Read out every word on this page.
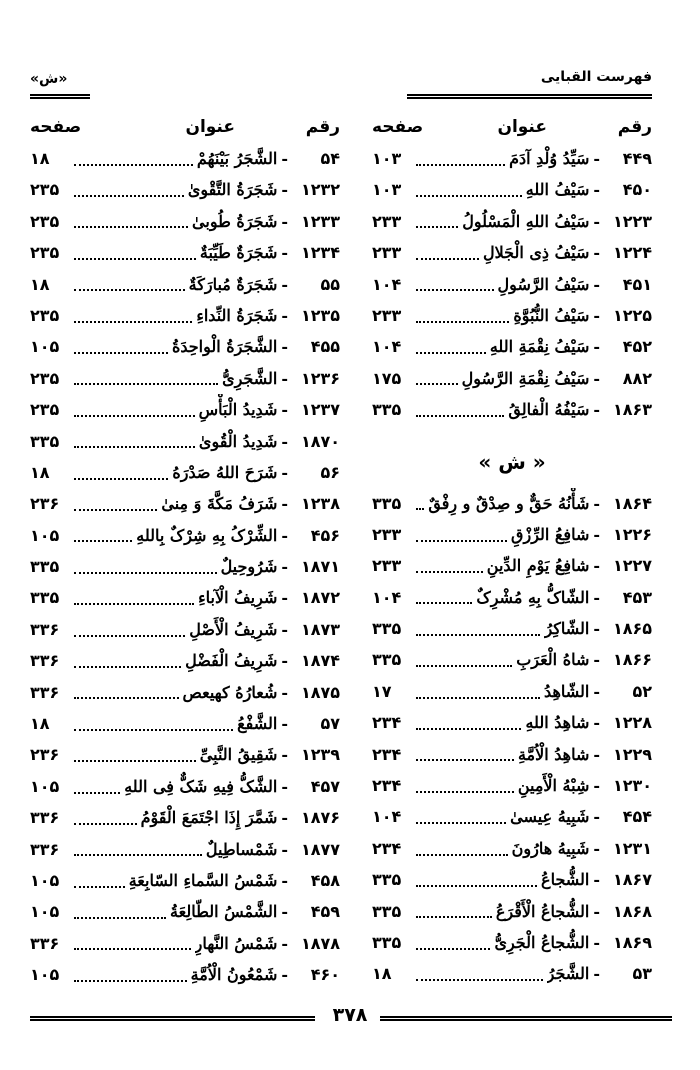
فهرست القبایی
«ش»
رقم
عنوان
صفحه
۴۴۹
-
سَیِّدُ وُلْدِ آدَمَ
۱۰۳
۴۵۰
-
سَیْفُ اللهِ
۱۰۳
۱۲۲۳
-
سَیْفُ اللهِ الْمَسْلُولُ
۲۳۳
۱۲۲۴
-
سَیْفُ ذِی الْجَلالِ
۲۳۳
۴۵۱
-
سَیْفُ الرَّسُولِ
۱۰۴
۱۲۲۵
-
سَیْفُ النُّبُوَّةِ
۲۳۳
۴۵۲
-
سَیْفُ نِقْمَةِ اللهِ
۱۰۴
۸۸۲
-
سَیْفُ نِقْمَةِ الرَّسُولِ
۱۷۵
۱۸۶۳
-
سَیْفُهُ الْفالِقُ
۳۳۵
« ش »
۱۸۶۴
-
شَأْنُهُ حَقٌّ و صِدْقٌ و رِفْقٌ
۳۳۵
۱۲۲۶
-
شافِعُ الرِّزْقِ
۲۳۳
۱۲۲۷
-
شافِعُ یَوْمِ الدِّینِ
۲۳۳
۴۵۳
-
الشّاکُّ بِهِ مُشْرِکٌ
۱۰۴
۱۸۶۵
-
الشّاکِرُ
۳۳۵
۱۸۶۶
-
شاهُ الْعَرَبِ
۳۳۵
۵۲
-
الشّاهِدُ
۱۷
۱۲۲۸
-
شاهِدُ اللهِ
۲۳۴
۱۲۲۹
-
شاهِدُ الْاُمَّةِ
۲۳۴
۱۲۳۰
-
شِبْهُ الْأَمِینِ
۲۳۴
۴۵۴
-
شَبِیهُ عِیسیٰ
۱۰۴
۱۲۳۱
-
شَبِیهُ هارُونَ
۲۳۴
۱۸۶۷
-
الشُّجاعُ
۳۳۵
۱۸۶۸
-
الشُّجاعُ الْأَقْرَعُ
۳۳۵
۱۸۶۹
-
الشُّجاعُ الْجَرِیُّ
۳۳۵
۵۳
-
الشَّجَرُ
۱۸
رقم
عنوان
صفحه
۵۴
-
الشَّجَرُ بَیْنَهُمْ
۱۸
۱۲۳۲
-
شَجَرَةُ التَّقْویٰ
۲۳۵
۱۲۳۳
-
شَجَرَةُ طُوبیٰ
۲۳۵
۱۲۳۴
-
شَجَرَةٌ طَیِّبَةٌ
۲۳۵
۵۵
-
شَجَرَةٌ مُبارَکَةٌ
۱۸
۱۲۳۵
-
شَجَرَةُ النِّداءِ
۲۳۵
۴۵۵
-
الشَّجَرَةُ الْواحِدَةُ
۱۰۵
۱۲۳۶
-
الشَّجَرِیُّ
۲۳۵
۱۲۳۷
-
شَدِیدُ الْبَأْسِ
۲۳۵
۱۸۷۰
-
شَدِیدُ الْقُویٰ
۳۳۵
۵۶
-
شَرَحَ اللهُ صَدْرَهُ
۱۸
۱۲۳۸
-
شَرَفُ مَکَّةَ وَ مِنیٰ
۲۳۶
۴۵۶
-
الشِّرْکُ بِهِ شِرْکٌ بِاللهِ
۱۰۵
۱۸۷۱
-
شَرُوحِیلٌ
۳۳۵
۱۸۷۲
-
شَرِیفُ الْآباءِ
۳۳۵
۱۸۷۳
-
شَرِیفُ الْأَصْلِ
۳۳۶
۱۸۷۴
-
شَرِیفُ الْفَضْلِ
۳۳۶
۱۸۷۵
-
شُعارُهُ کهیعص
۳۳۶
۵۷
-
الشَّفْعُ
۱۸
۱۲۳۹
-
شَقِیقُ النَّبِیِّ
۲۳۶
۴۵۷
-
الشَّکُّ فِیهِ شَکٌّ فِی اللهِ
۱۰۵
۱۸۷۶
-
شَمَّرَ إِذَا اجْتَمَعَ الْقَوْمُ
۳۳۶
۱۸۷۷
-
شَمْساطِیلٌ
۳۳۶
۴۵۸
-
شَمْسُ السَّماءِ السّابِعَةِ
۱۰۵
۴۵۹
-
الشَّمْسُ الطّالِعَةُ
۱۰۵
۱۸۷۸
-
شَمْسُ النَّهارِ
۳۳۶
۴۶۰
-
شَمْعُونُ الْاُمَّةِ
۱۰۵
۳۷۸
